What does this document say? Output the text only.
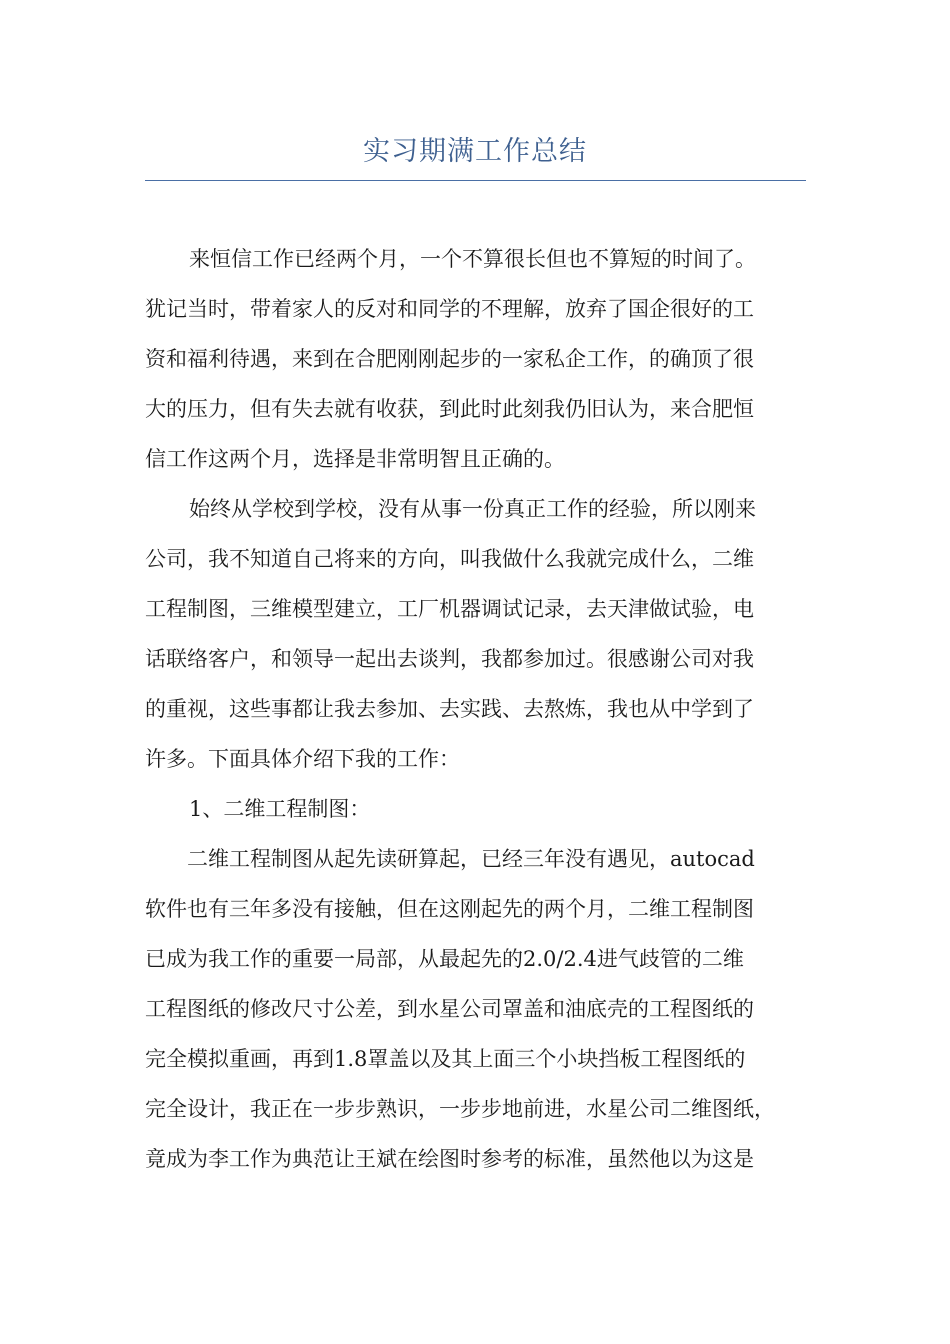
实习期满工作总结
来恒信工作已经两个月，一个不算很长但也不算短的时间了。
犹记当时，带着家人的反对和同学的不理解，放弃了国企很好的工
资和福利待遇，来到在合肥刚刚起步的一家私企工作，的确顶了很
大的压力，但有失去就有收获，到此时此刻我仍旧认为，来合肥恒
信工作这两个月，选择是非常明智且正确的。
始终从学校到学校，没有从事一份真正工作的经验，所以刚来
公司，我不知道自己将来的方向，叫我做什么我就完成什么，二维
工程制图，三维模型建立，工厂机器调试记录，去天津做试验，电
话联络客户，和领导一起出去谈判，我都参加过。很感谢公司对我
的重视，这些事都让我去参加、去实践、去熬炼，我也从中学到了
许多。下面具体介绍下我的工作：
1、二维工程制图：
二维工程制图从起先读研算起，已经三年没有遇见，autocad
软件也有三年多没有接触，但在这刚起先的两个月，二维工程制图
已成为我工作的重要一局部，从最起先的2.0/2.4进气歧管的二维
工程图纸的修改尺寸公差，到水星公司罩盖和油底壳的工程图纸的
完全模拟重画，再到1.8罩盖以及其上面三个小块挡板工程图纸的
完全设计，我正在一步步熟识，一步步地前进，水星公司二维图纸，
竟成为李工作为典范让王斌在绘图时参考的标准，虽然他以为这是
